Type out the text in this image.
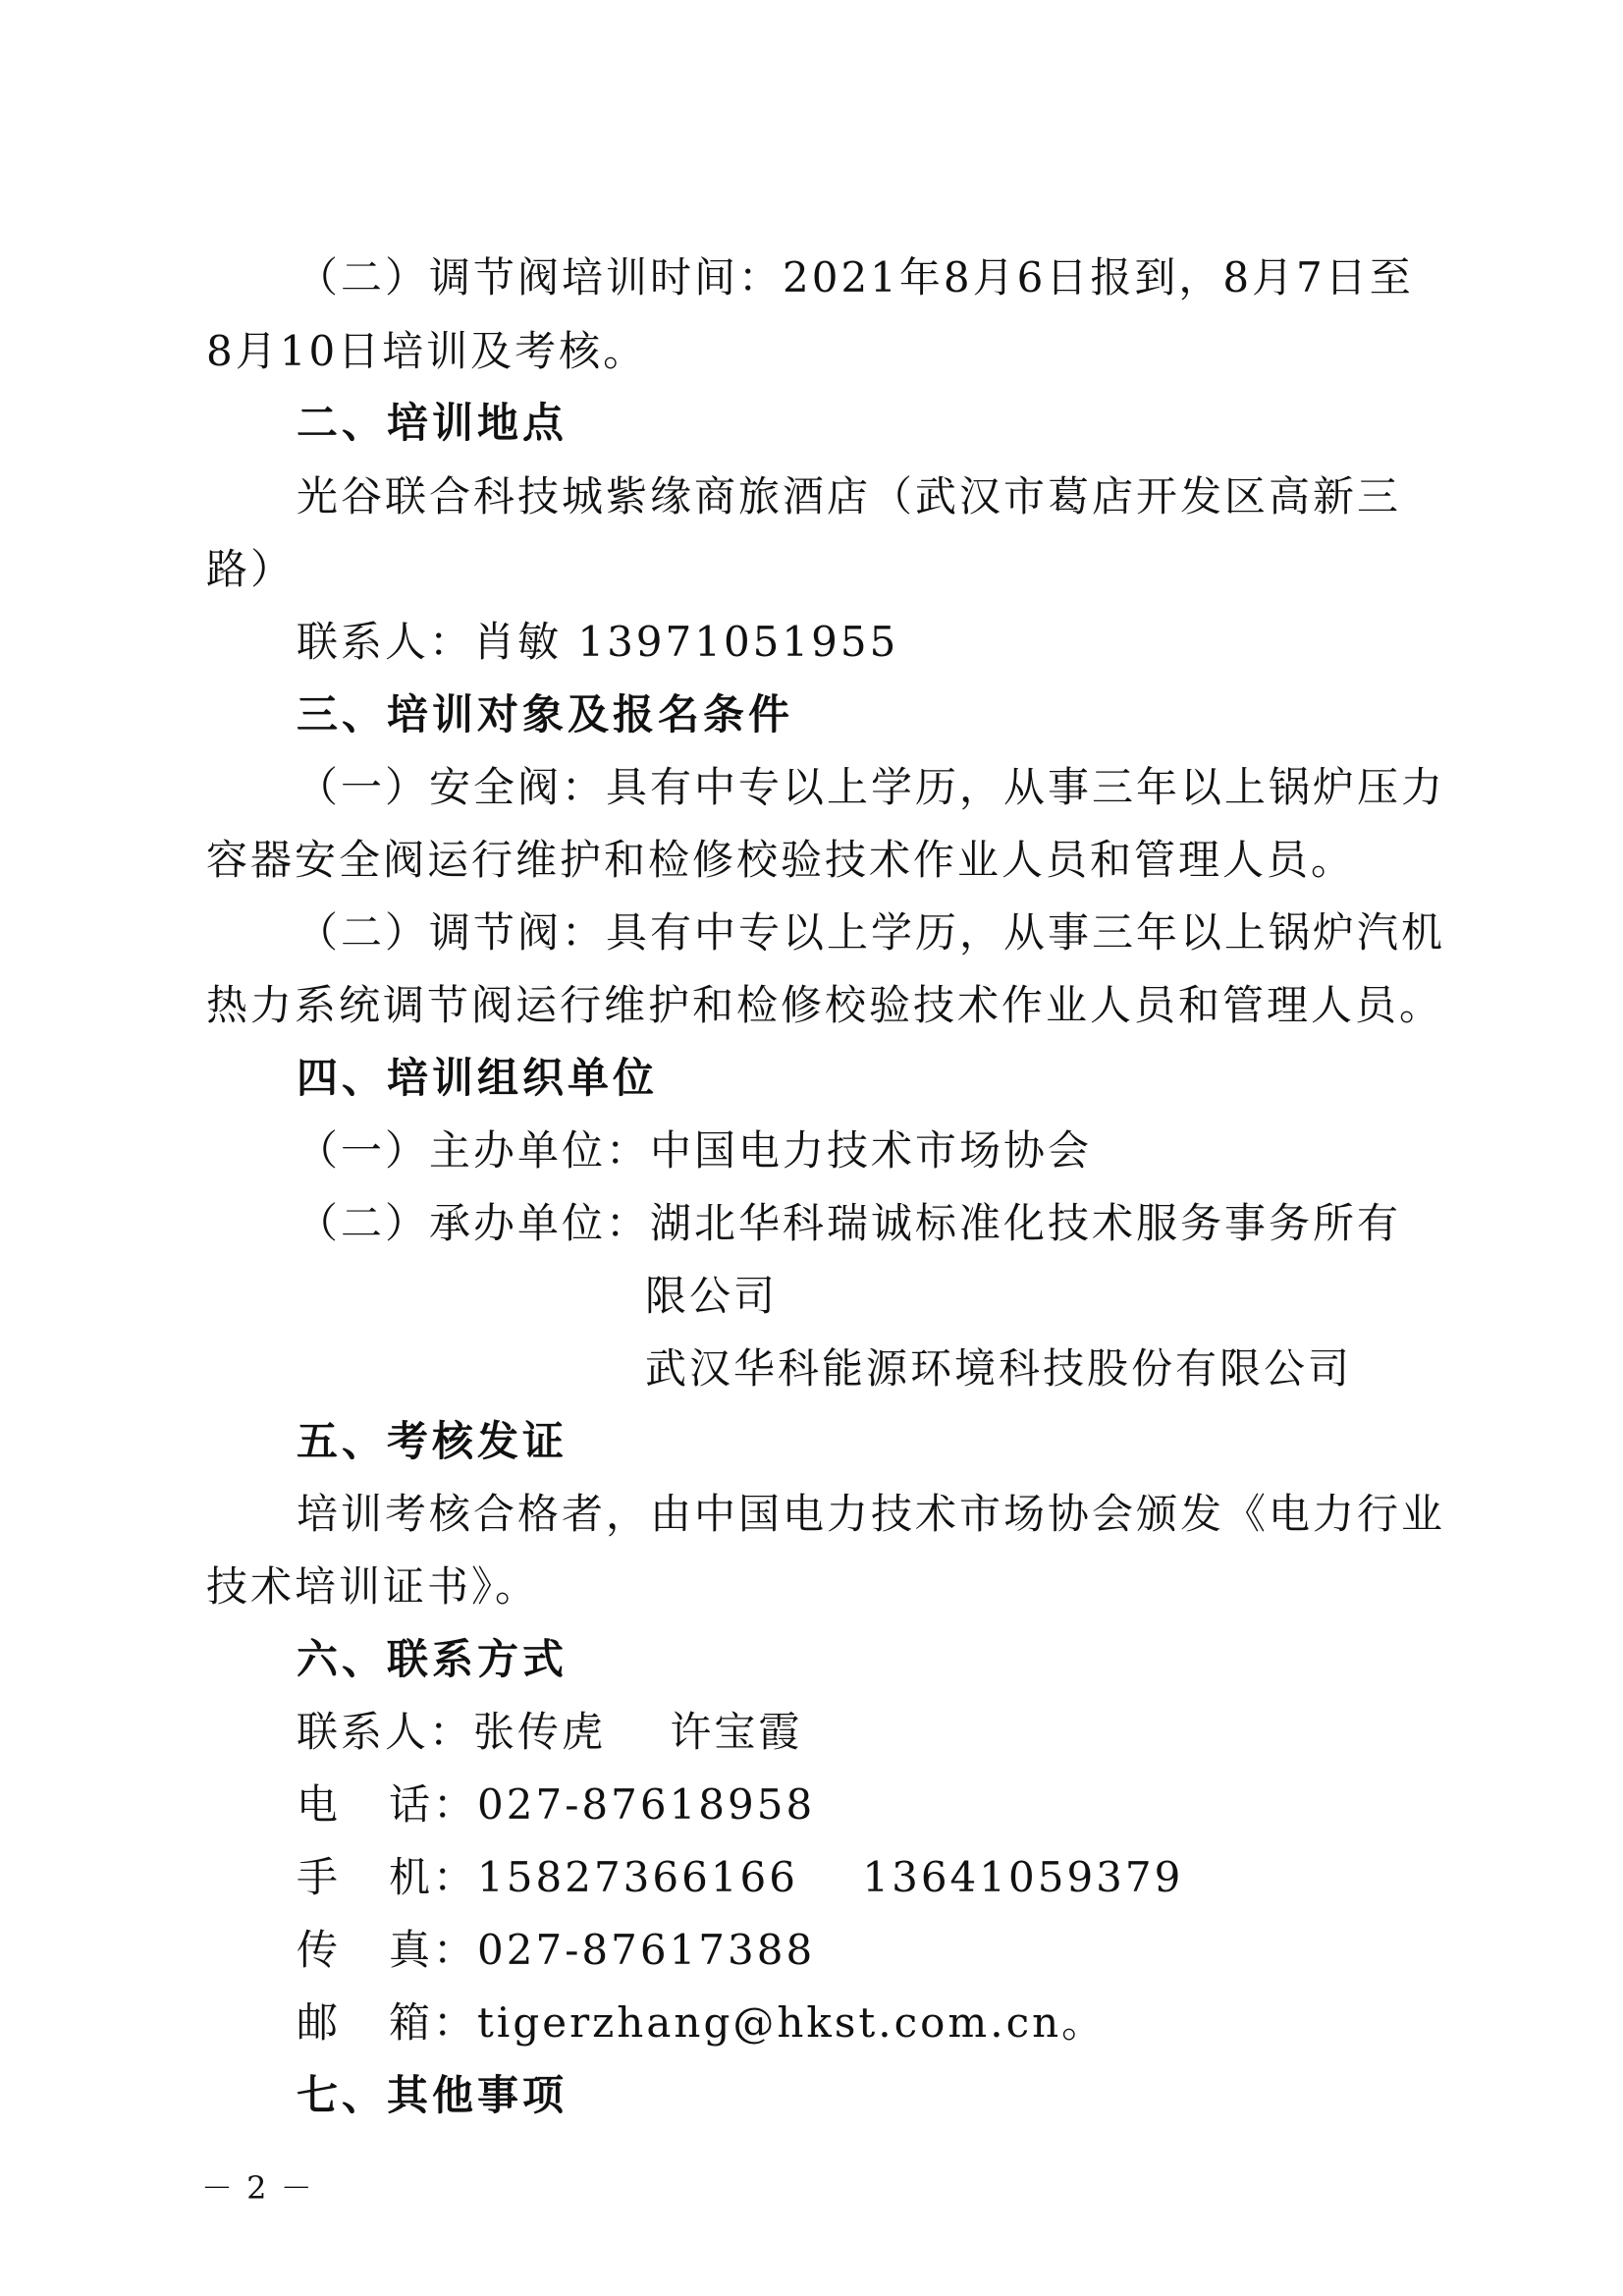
（二）调节阀培训时间：2021年8月6日报到，8月7日至
8月10日培训及考核。
二、培训地点
光谷联合科技城紫缘商旅酒店（武汉市葛店开发区高新三
路）
联系人：肖敏 13971051955
三、培训对象及报名条件
（一）安全阀：具有中专以上学历，从事三年以上锅炉压力
容器安全阀运行维护和检修校验技术作业人员和管理人员。
（二）调节阀：具有中专以上学历，从事三年以上锅炉汽机
热力系统调节阀运行维护和检修校验技术作业人员和管理人员。
四、培训组织单位
（一）主办单位：中国电力技术市场协会
（二）承办单位：湖北华科瑞诚标准化技术服务事务所有
限公司
武汉华科能源环境科技股份有限公司
五、考核发证
培训考核合格者，由中国电力技术市场协会颁发《电力行业
技术培训证书》。
六、联系方式
联系人：张传虎    许宝霞
电   话：027-87618958
手   机：15827366166    13641059379
传   真：027-87617388
邮   箱：tigerzhang@hkst.com.cn。
七、其他事项
－ 2 －
